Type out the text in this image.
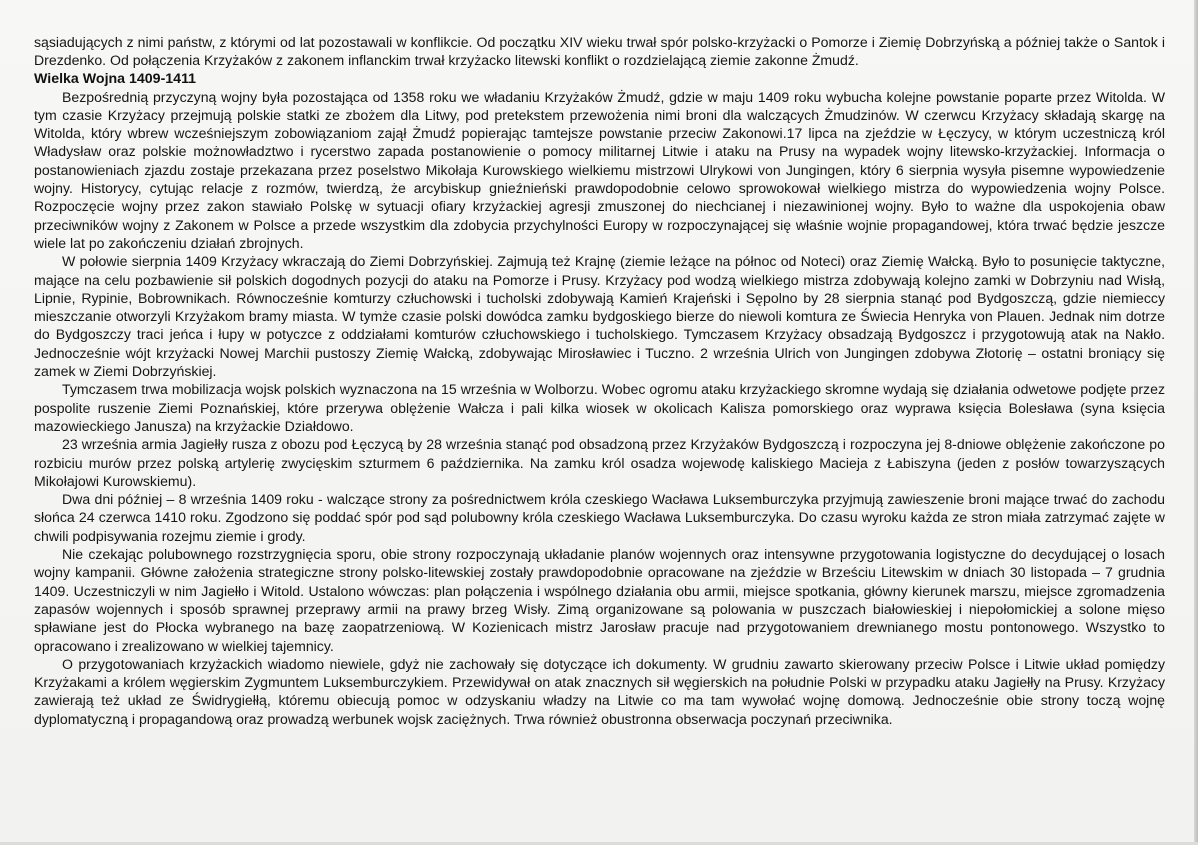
sąsiadujących z nimi państw, z którymi od lat pozostawali w konflikcie. Od początku XIV wieku trwał spór polsko-krzyżacki o Pomorze i Ziemię Dobrzyńską a później także o Santok i Drezdenko. Od połączenia Krzyżaków z zakonem inflanckim trwał krzyżacko litewski konflikt o rozdzielającą ziemie zakonne Żmudź.

Wielka Wojna 1409-1411

Bezpośrednią przyczyną wojny była pozostająca od 1358 roku we władaniu Krzyżaków Żmudź, gdzie w maju 1409 roku wybucha kolejne powstanie poparte przez Witolda. W tym czasie Krzyżacy przejmują polskie statki ze zbożem dla Litwy, pod pretekstem przewożenia nimi broni dla walczących Żmudzinów. W czerwcu Krzyżacy składają skargę na Witolda, który wbrew wcześniejszym zobowiązaniom zajął Żmudź popierając tamtejsze powstanie przeciw Zakonowi.17 lipca na zjeździe w Łęczycy, w którym uczestniczą król Władysław oraz polskie możnowładztwo i rycerstwo zapada postanowienie o pomocy militarnej Litwie i ataku na Prusy na wypadek wojny litewsko-krzyżackiej. Informacja o postanowieniach zjazdu zostaje przekazana przez poselstwo Mikołaja Kurowskiego wielkiemu mistrzowi Ulrykowi von Jungingen, który 6 sierpnia wysyła pisemne wypowiedzenie wojny. Historycy, cytując relacje z rozmów, twierdzą, że arcybiskup gnieźnieński prawdopodobnie celowo sprowokował wielkiego mistrza do wypowiedzenia wojny Polsce. Rozpoczęcie wojny przez zakon stawiało Polskę w sytuacji ofiary krzyżackiej agresji zmuszonej do niechcianej i niezawinionej wojny. Było to ważne dla uspokojenia obaw przeciwników wojny z Zakonem w Polsce a przede wszystkim dla zdobycia przychylności Europy w rozpoczynającej się właśnie wojnie propagandowej, która trwać będzie jeszcze wiele lat po zakończeniu działań zbrojnych.

W połowie sierpnia 1409 Krzyżacy wkraczają do Ziemi Dobrzyńskiej. Zajmują też Krajnę (ziemie leżące na północ od Noteci) oraz Ziemię Wałcką. Było to posunięcie taktyczne, mające na celu pozbawienie sił polskich dogodnych pozycji do ataku na Pomorze i Prusy. Krzyżacy pod wodzą wielkiego mistrza zdobywają kolejno zamki w Dobrzyniu nad Wisłą, Lipnie, Rypinie, Bobrownikach. Równocześnie komturzy człuchowski i tucholski zdobywają Kamień Krajeński i Sępolno by 28 sierpnia stanąć pod Bydgoszczą, gdzie niemieccy mieszczanie otworzyli Krzyżakom bramy miasta. W tymże czasie polski dowódca zamku bydgoskiego bierze do niewoli komtura ze Świecia Henryka von Plauen. Jednak nim dotrze do Bydgoszczy traci jeńca i łupy w potyczce z oddziałami komturów człuchowskiego i tucholskiego. Tymczasem Krzyżacy obsadzają Bydgoszcz i przygotowują atak na Nakło. Jednocześnie wójt krzyżacki Nowej Marchii pustoszy Ziemię Wałcką, zdobywając Mirosławiec i Tuczno. 2 września Ulrich von Jungingen zdobywa Złotorię – ostatni broniący się zamek w Ziemi Dobrzyńskiej.

Tymczasem trwa mobilizacja wojsk polskich wyznaczona na 15 września w Wolborzu. Wobec ogromu ataku krzyżackiego skromne wydają się działania odwetowe podjęte przez pospolite ruszenie Ziemi Poznańskiej, które przerywa oblężenie Wałcza i pali kilka wiosek w okolicach Kalisza pomorskiego oraz wyprawa księcia Bolesława (syna księcia mazowieckiego Janusza) na krzyżackie Działdowo.

23 września armia Jagiełły rusza z obozu pod Łęczycą by 28 września stanąć pod obsadzoną przez Krzyżaków Bydgoszczą i rozpoczyna jej 8-dniowe oblężenie zakończone po rozbiciu murów przez polską artylerię zwycięskim szturmem 6 października. Na zamku król osadza wojewodę kaliskiego Macieja z Łabiszyna (jeden z posłów towarzyszących Mikołajowi Kurowskiemu).

Dwa dni później – 8 września 1409 roku - walczące strony za pośrednictwem króla czeskiego Wacława Luksemburczyka przyjmują zawieszenie broni mające trwać do zachodu słońca 24 czerwca 1410 roku. Zgodzono się poddać spór pod sąd polubowny króla czeskiego Wacława Luksemburczyka. Do czasu wyroku każda ze stron miała zatrzymać zajęte w chwili podpisywania rozejmu ziemie i grody.

Nie czekając polubownego rozstrzygnięcia sporu, obie strony rozpoczynają układanie planów wojennych oraz intensywne przygotowania logistyczne do decydującej o losach wojny kampanii. Główne założenia strategiczne strony polsko-litewskiej zostały prawdopodobnie opracowane na zjeździe w Brześciu Litewskim w dniach 30 listopada – 7 grudnia 1409. Uczestniczyli w nim Jagiełło i Witold. Ustalono wówczas: plan połączenia i wspólnego działania obu armii, miejsce spotkania, główny kierunek marszu, miejsce zgromadzenia zapasów wojennych i sposób sprawnej przeprawy armii na prawy brzeg Wisły. Zimą organizowane są polowania w puszczach białowieskiej i niepołomickiej a solone mięso spławiane jest do Płocka wybranego na bazę zaopatrzeniową. W Kozienicach mistrz Jarosław pracuje nad przygotowaniem drewnianego mostu pontonowego. Wszystko to opracowano i zrealizowano w wielkiej tajemnicy.

O przygotowaniach krzyżackich wiadomo niewiele, gdyż nie zachowały się dotyczące ich dokumenty. W grudniu zawarto skierowany przeciw Polsce i Litwie układ pomiędzy Krzyżakami a królem węgierskim Zygmuntem Luksemburczykiem. Przewidywał on atak znacznych sił węgierskich na południe Polski w przypadku ataku Jagiełły na Prusy. Krzyżacy zawierają też układ ze Świdrygiełłą, któremu obiecują pomoc w odzyskaniu władzy na Litwie co ma tam wywołać wojnę domową. Jednocześnie obie strony toczą wojnę dyplomatyczną i propagandową oraz prowadzą werbunek wojsk zaciężnych. Trwa również obustronna obserwacja poczynań przeciwnika.
